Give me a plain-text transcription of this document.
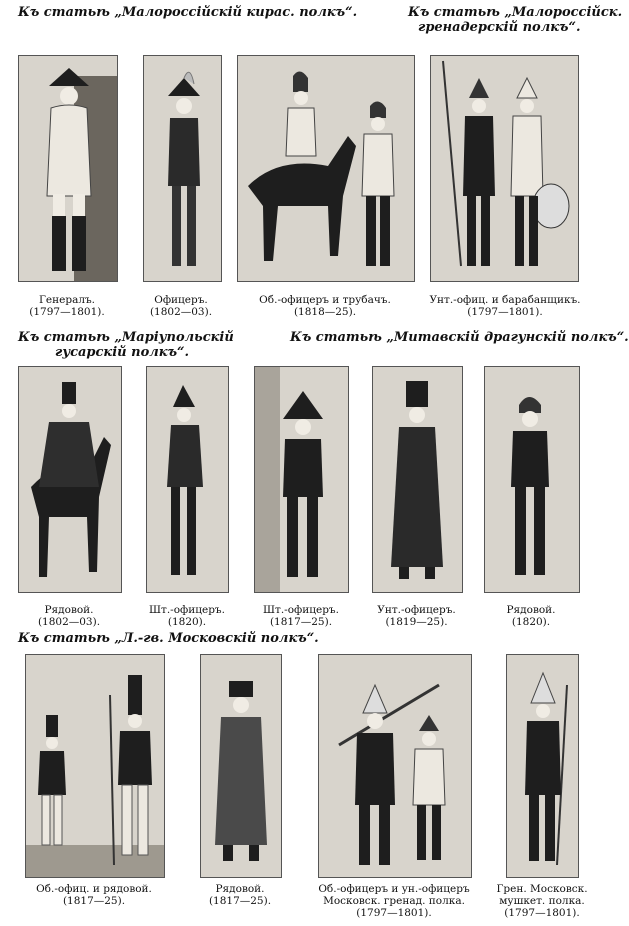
Къ статьѣ „Малороссiйскiй кирас. полкъ“.	Къ статьѣ „Малороссiйск.
гренадерскiй полкъ“.
Къ статьѣ „Марiупольскiй
гусарскiй полкъ“.
Къ статьѣ „Митавскiй драгунскiй полкъ“.
Къ статьѣ „Л.-гв. Московскiй полкъ“.
Генералъ.
(1797—1801).
Офицеръ.
(1802—03).
Об.-офицеръ и трубачъ.
(1818—25).
Унт.-офиц. и барабанщикъ.
(1797—1801).
Рядовой.
(1802—03).
Шт.-офицеръ.
(1820).
Шт.-офицеръ.
(1817—25).
Унт.-офицеръ.
(1819—25).
Рядовой.
(1820).
Об.-офиц. и рядовой.
(1817—25).
Рядовой.
(1817—25).
Об.-офицеръ и ун.-офицеръ
Московск. гренад. полка.
(1797—1801).
Грен. Московск.
мушкет. полка.
(1797—1801).
